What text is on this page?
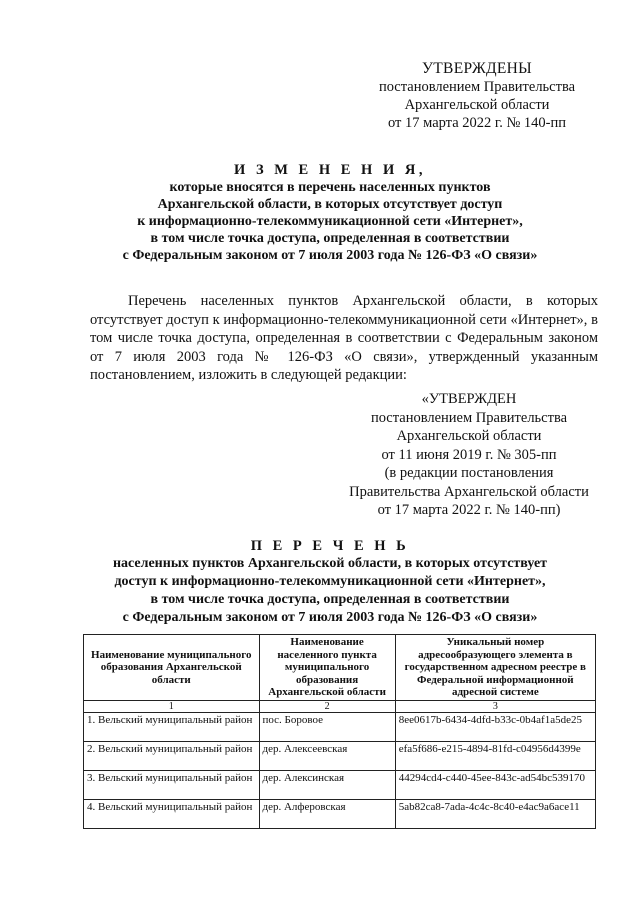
УТВЕРЖДЕНЫ
постановлением Правительства
Архангельской области
от 17 марта 2022 г. № 140-пп
И З М Е Н Е Н И Я,
которые вносятся в перечень населенных пунктов
Архангельской области, в которых отсутствует доступ
к информационно-телекоммуникационной сети «Интернет»,
в том числе точка доступа, определенная в соответствии
с Федеральным законом от 7 июля 2003 года № 126-ФЗ «О связи»
Перечень населенных пунктов Архангельской области, в которых отсутствует доступ к информационно-телекоммуникационной сети «Интернет», в том числе точка доступа, определенная в соответствии с Федеральным законом от 7 июля 2003 года № 126-ФЗ «О связи», утвержденный указанным постановлением, изложить в следующей редакции:
«УТВЕРЖДЕН
постановлением Правительства
Архангельской области
от 11 июня 2019 г. № 305-пп
(в редакции постановления
Правительства Архангельской области
от 17 марта 2022 г. № 140-пп)
П Е Р Е Ч Е Н Ь
населенных пунктов Архангельской области, в которых отсутствует
доступ к информационно-телекоммуникационной сети «Интернет»,
в том числе точка доступа, определенная в соответствии
с Федеральным законом от 7 июля 2003 года № 126-ФЗ «О связи»
Наименование муниципального образования Архангельской области	Наименование населенного пункта муниципального образования Архангельской области	Уникальный номер адресообразующего элемента в государственном адресном реестре в Федеральной информационной адресной системе
1	2	3
1. Вельский муниципальный район	пос. Боровое	8ee0617b-6434-4dfd-b33c-0b4af1a5de25
2. Вельский муниципальный район	дер. Алексеевская	efa5f686-e215-4894-81fd-c04956d4399e
3. Вельский муниципальный район	дер. Алексинская	44294cd4-c440-45ee-843c-ad54bc539170
4. Вельский муниципальный район	дер. Алферовская	5ab82ca8-7ada-4c4c-8c40-e4ac9a6ace11
